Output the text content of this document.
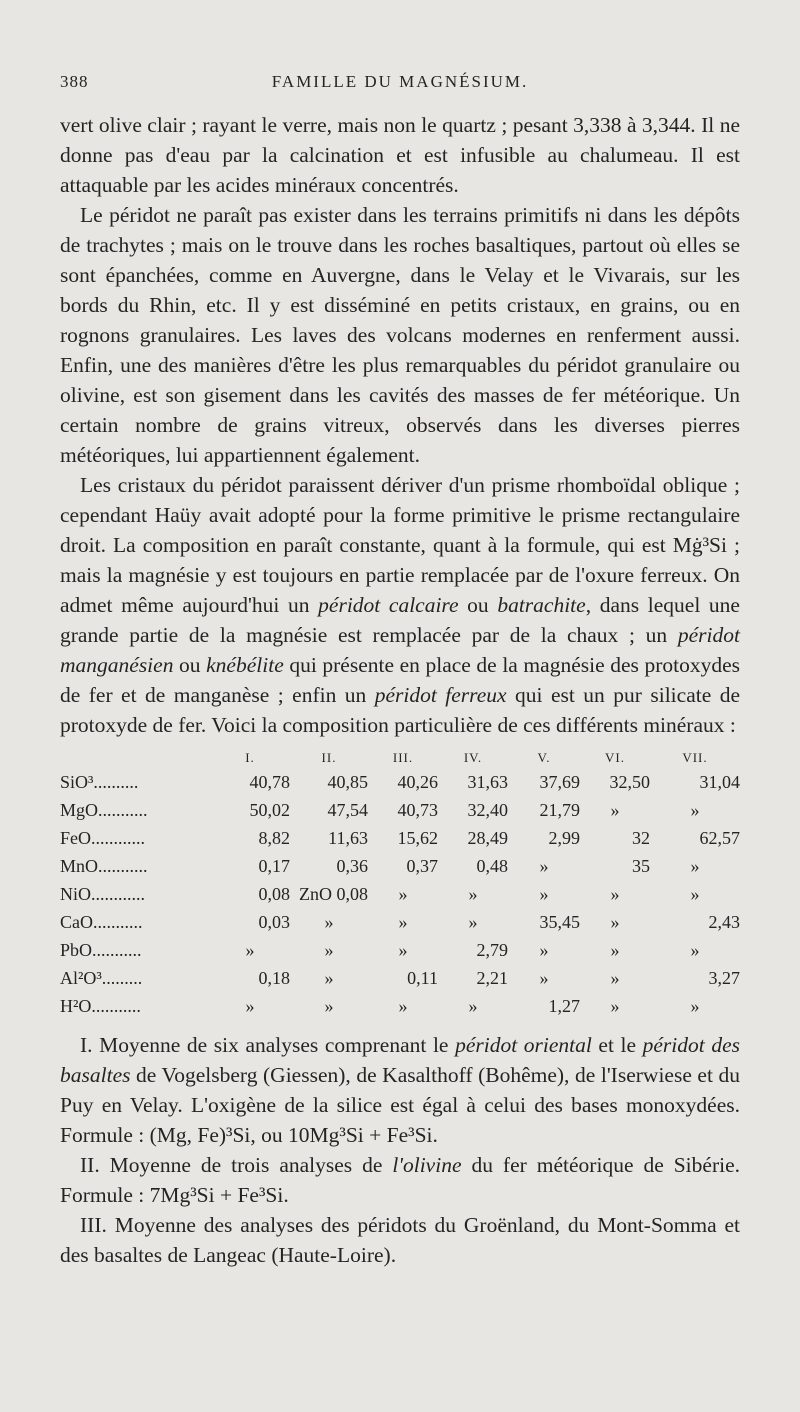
388	FAMILLE DU MAGNÉSIUM.

vert olive clair ; rayant le verre, mais non le quartz ; pesant 3,338 à 3,344. Il ne donne pas d'eau par la calcination et est infusible au chalumeau. Il est attaquable par les acides minéraux concentrés.

Le péridot ne paraît pas exister dans les terrains primitifs ni dans les dépôts de trachytes ; mais on le trouve dans les roches basaltiques, partout où elles se sont épanchées, comme en Auvergne, dans le Velay et le Vivarais, sur les bords du Rhin, etc. Il y est disséminé en petits cristaux, en grains, ou en rognons granulaires. Les laves des volcans modernes en renferment aussi. Enfin, une des manières d'être les plus remarquables du péridot granulaire ou olivine, est son gisement dans les cavités des masses de fer météorique. Un certain nombre de grains vitreux, observés dans les diverses pierres météoriques, lui appartiennent également.

Les cristaux du péridot paraissent dériver d'un prisme rhomboïdal oblique ; cependant Haüy avait adopté pour la forme primitive le prisme rectangulaire droit. La composition en paraît constante, quant à la formule, qui est Mġ³Si ; mais la magnésie y est toujours en partie remplacée par de l'oxure ferreux. On admet même aujourd'hui un péridot calcaire ou batrachite, dans lequel une grande partie de la magnésie est remplacée par de la chaux ; un péridot manganésien ou knébélite qui présente en place de la magnésie des protoxydes de fer et de manganèse ; enfin un péridot ferreux qui est un pur silicate de protoxyde de fer. Voici la composition particulière de ces différents minéraux :

	I.	II.	III.	IV.	V.	VI.	VII.
SiO³..........	40,78	40,85	40,26	31,63	37,69	32,50	31,04
MgO...........	50,02	47,54	40,73	32,40	21,79	»	»
FeO............	8,82	11,63	15,62	28,49	2,99	32	62,57
MnO...........	0,17	0,36	0,37	0,48	»	35	»
NiO............	0,08	ZnO 0,08	»	»	»	»	»
CaO...........	0,03	»	»	»	35,45	»	2,43
PbO...........	»	»	»	2,79	»	»	»
Al²O³.........	0,18	»	0,11	2,21	»	»	3,27
H²O...........	»	»	»	»	1,27	»	»

I. Moyenne de six analyses comprenant le péridot oriental et le péridot des basaltes de Vogelsberg (Giessen), de Kasalthoff (Bohême), de l'Iserwiese et du Puy en Velay. L'oxigène de la silice est égal à celui des bases monoxydées. Formule : (Mg, Fe)³Si, ou 10Mg³Si + Fe³Si.

II. Moyenne de trois analyses de l'olivine du fer météorique de Sibérie. Formule : 7Mg³Si + Fe³Si.

III. Moyenne des analyses des péridots du Groënland, du Mont-Somma et des basaltes de Langeac (Haute-Loire).
